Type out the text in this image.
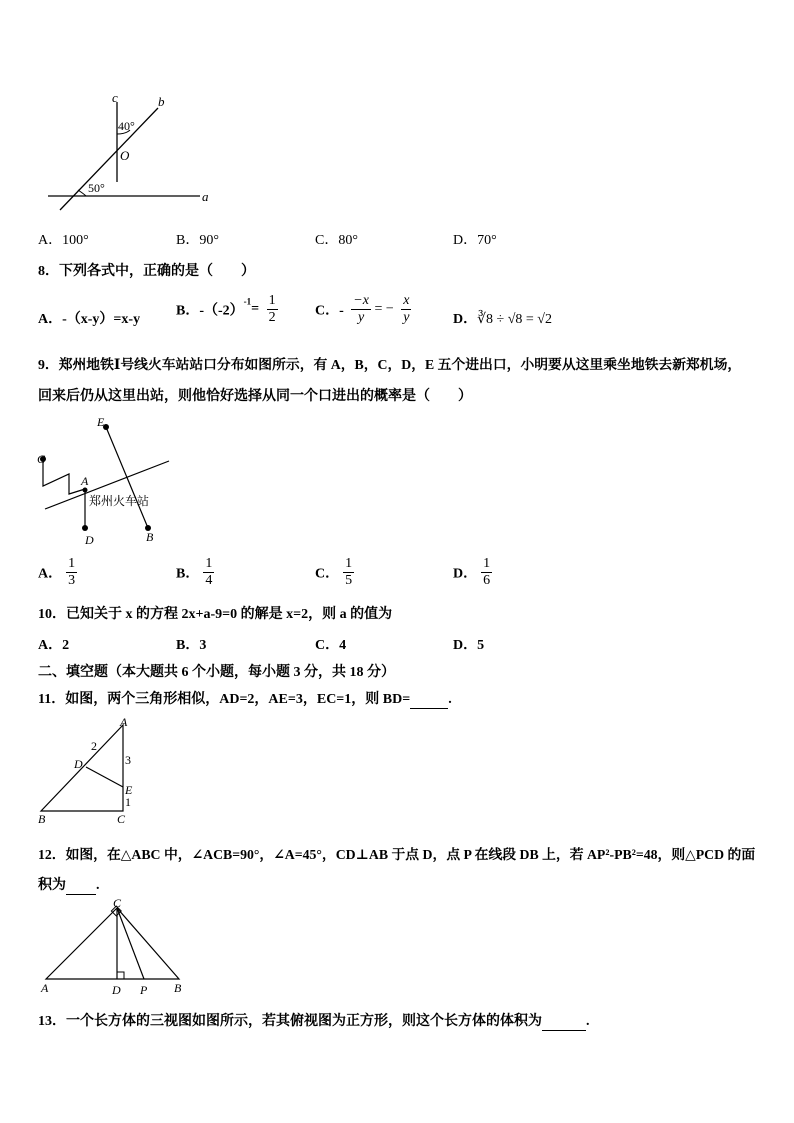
c	b
40°
O
50°
a
A．100°	B．90°	C．80°	D．70°
8．下列各式中，正确的是（　　）
A．-（x-y）=x-y
B．$-(-2)^{-1}= \frac{1}{2}$	C．- $\frac{-x}{y}$ = − $\frac{x}{y}$	D．∛8 ÷ √8 = √2
9．郑州地铁Ⅰ号线火车站站口分布如图所示，有 A，B，C，D，E 五个进出口，小明要从这里乘坐地铁去新郑机场，
回来后仍从这里出站，则他恰好选择从同一个口进出的概率是（　　）
E
C
A
D	B
郑州火车站
A． $\frac{1}{3}$	B． $\frac{1}{4}$	C． $\frac{1}{5}$	D． $\frac{1}{6}$
10．已知关于 x 的方程 2x+a-9=0 的解是 x=2，则 a 的值为
A．2	B．3	C．4	D．5
二、填空题（本大题共 6 个小题，每小题 3 分，共 18 分）
11．如图，两个三角形相似，AD=2，AE=3，EC=1，则 BD=	.
A
2
D	3
E
1
B	C
12．如图，在△ABC 中，∠ACB=90°，∠A=45°，CD⊥AB 于点 D，点 P 在线段 DB 上，若 AP²-PB²=48，则△PCD 的面
积为 .
C
A	D P B
13．一个长方体的三视图如图所示，若其俯视图为正方形，则这个长方体的体积为	.
